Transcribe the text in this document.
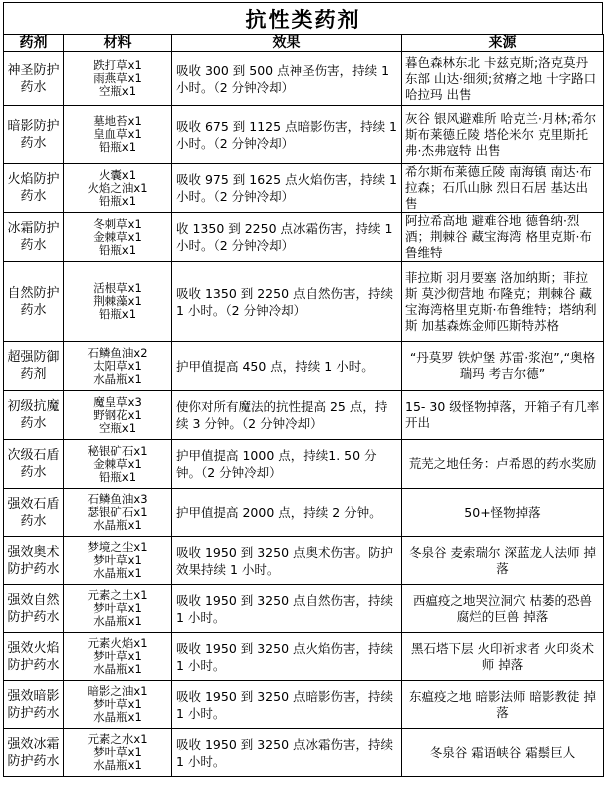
抗性类药剂
药剂	材料	效果	来源
神圣防护药水	跌打草x1
雨燕草x1
空瓶x1	吸收 300 到 500 点神圣伤害，持续 1 小时。（2 分钟冷却）	暮色森林东北 卡兹克斯;洛克莫丹东部 山达·细须;贫瘠之地 十字路口 哈拉玛 出售
暗影防护药水	墓地苔x1
皇血草x1
铅瓶x1	吸收 675 到 1125 点暗影伤害，持续 1 小时。（2 分钟冷却）	灰谷 银风避难所 哈克兰·月林;希尔斯布莱德丘陵 塔伦米尔 克里斯托弗·杰弗寇特 出售
火焰防护药水	火囊x1
火焰之油x1
铅瓶x1	吸收 975 到 1625 点火焰伤害，持续 1 小时。（2 分钟冷却）	希尔斯布莱德丘陵 南海镇 南达·布拉森；石爪山脉 烈日石居 基达出售
冰霜防护药水	冬刺草x1
金棘草x1
铅瓶x1	收 1350 到 2250 点冰霜伤害，持续 1 小时。（2 分钟冷却）	阿拉希高地 避难谷地 德鲁纳·烈酒；荆棘谷 藏宝海湾 格里克斯·布鲁维特
自然防护药水	活根草x1
荆棘藻x1
铅瓶x1	吸收 1350 到 2250 点自然伤害，持续 1 小时。（2 分钟冷却）	菲拉斯 羽月要塞 洛加纳斯；菲拉斯 莫沙彻营地 布隆克；荆棘谷 藏宝海湾格里克斯·布鲁维特；塔纳利斯 加基森炼金师匹斯特苏格
超强防御药剂	石鳞鱼油x2
太阳草x1
水晶瓶x1	护甲值提高 450 点，持续 1 小时。	“丹莫罗 铁炉堡 苏雷·浆泡”,“奥格瑞玛 考吉尔德”
初级抗魔药水	魔皇草x3
野钢花x1
空瓶x1	使你对所有魔法的抗性提高 25 点，持续 3 分钟。（2 分钟冷却）	15- 30 级怪物掉落，开箱子有几率开出
次级石盾药水	秘银矿石x1
金棘草x1
铅瓶x1	护甲值提高 1000 点，持续1. 50 分钟。（2 分钟冷却）	荒芜之地任务：卢希恩的药水奖励
强效石盾药水	石鳞鱼油x3
瑟银矿石x1
水晶瓶x1	护甲值提高 2000 点，持续 2 分钟。	50+怪物掉落
强效奥术防护药水	梦境之尘x1
梦叶草x1
水晶瓶x1	吸收 1950 到 3250 点奥术伤害。防护效果持续 1 小时。	冬泉谷 麦索瑞尔 深蓝龙人法师 掉落
强效自然防护药水	元素之土x1
梦叶草x1
水晶瓶x1	吸收 1950 到 3250 点自然伤害，持续 1 小时。	西瘟疫之地哭泣洞穴 枯萎的恐兽 腐烂的巨兽 掉落
强效火焰防护药水	元素火焰x1
梦叶草x1
水晶瓶x1	吸收 1950 到 3250 点火焰伤害，持续 1 小时。	黑石塔下层 火印祈求者 火印炎术师 掉落
强效暗影防护药水	暗影之油x1
梦叶草x1
水晶瓶x1	吸收 1950 到 3250 点暗影伤害，持续 1 小时。	东瘟疫之地 暗影法师 暗影教徒 掉落
强效冰霜防护药水	元素之水x1
梦叶草x1
水晶瓶x1	吸收 1950 到 3250 点冰霜伤害，持续 1 小时。	冬泉谷 霜语峡谷 霜鬃巨人
